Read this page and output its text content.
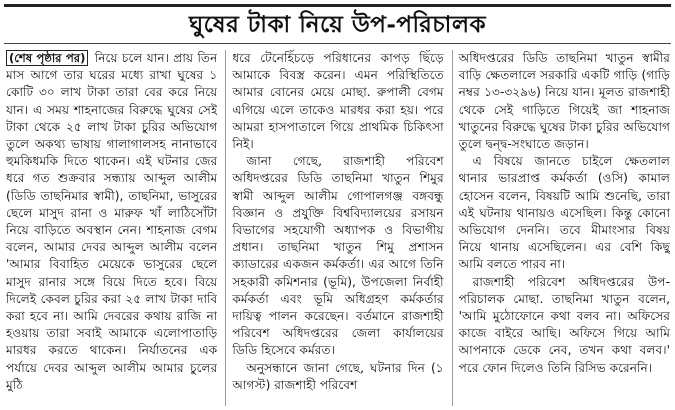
ঘুষের টাকা নিয়ে উপ-পরিচালক

(শেষ পৃষ্ঠার পর) নিয়ে চলে যান। প্রায় তিন মাস আগে তার ঘরের মধ্যে রাখা ঘুষের ১ কোটি ৩০ লাখ টাকা তারা বের করে নিয়ে যান। এ সময় শাহনাজের বিরুদ্ধে ঘুষের সেই টাকা থেকে ২৫ লাখ টাকা চুরির অভিযোগ তুলে অকথ্য ভাষায় গালাগালসহ নানাভাবে হুমকিধমকি দিতে থাকেন। এই ঘটনার জের ধরে গত শুক্রবার সন্ধ্যায় আব্দুল আলীম (ডিডি তাছনিমার স্বামী), তাছনিমা, ভাসুরের ছেলে মাসুদ রানা ও মারুফ খাঁ লাঠিসোঁটা নিয়ে বাড়িতে অবস্থান নেন। শাহনাজ বেগম বলেন, আমার দেবর আব্দুল আলীম বলেন 'আমার বিবাহিত মেয়েকে ভাসুরের ছেলে মাসুদ রানার সঙ্গে বিয়ে দিতে হবে। বিয়ে দিলেই কেবল চুরির করা ২৫ লাখ টাকা দাবি করা হবে না। আমি দেবরের কথায় রাজি না হওয়ায় তারা সবাই আমাকে এলোপাতাড়ি মারধর করতে থাকেন। নির্যাতনের এক পর্যায়ে দেবর আব্দুল আলীম আমার চুলের মুঠি

ধরে টেনেহিঁচড়ে পরিধানের কাপড় ছিঁড়ে আমাকে বিবস্ত্র করেন। এমন পরিস্থিতিতে আমার বোনের মেয়ে মোছা. রুপালী বেগম এগিয়ে এলে তাকেও মারধর করা হয়। পরে আমরা হাসপাতালে গিয়ে প্রাথমিক চিকিৎসা নিই।

জানা গেছে, রাজশাহী পরিবেশ অধিদপ্তরের ডিডি তাছনিমা খাতুন শিমুর স্বামী আব্দুল আলীম গোপালগঞ্জ বঙ্গবন্ধু বিজ্ঞান ও প্রযুক্তি বিশ্ববিদ্যালয়ের রসায়ন বিভাগের সহযোগী অধ্যাপক ও বিভাগীয় প্রধান। তাছনিমা খাতুন শিমু প্রশাসন ক্যাডারের একজন কর্মকর্তা। এর আগে তিনি সহকারী কমিশনার (ভূমি), উপজেলা নির্বাহী কর্মকর্তা এবং ভূমি অধিগ্রহণ কর্মকর্তার দায়িত্ব পালন করেছেন। বর্তমানে রাজশাহী পরিবেশ অধিদপ্তরের জেলা কার্যালয়ের ডিডি হিসেবে কর্মরত।

অনুসন্ধানে জানা গেছে, ঘটনার দিন (১ আগস্ট) রাজশাহী পরিবেশ

অধিদপ্তরের ডিডি তাছনিমা খাতুন স্বামীর বাড়ি ক্ষেতলালে সরকারি একটি গাড়ি (গাড়ি নম্বর ১৩-৩২৯৬) নিয়ে যান। মূলত রাজশাহী থেকে সেই গাড়িতে গিয়েই জা শাহনাজ খাতুনের বিরুদ্ধে ঘুষের টাকা চুরির অভিযোগ তুলে দ্বন্দ্ব-সংঘাতে জড়ান।

এ বিষয়ে জানতে চাইলে ক্ষেতলাল থানার ভারপ্রাপ্ত কর্মকর্তা (ওসি) কামাল হোসেন বলেন, বিষয়টি আমি শুনেছি, তারা এই ঘটনায় থানায়ও এসেছিল। কিন্তু কোনো অভিযোগ দেননি। তবে মীমাংসার বিষয় নিয়ে থানায় এসেছিলেন। এর বেশি কিছু আমি বলতে পারব না।

রাজশাহী পরিবেশ অধিদপ্তরের উপ-পরিচালক মোছা. তাছনিমা খাতুন বলেন, 'আমি মুঠোফোনে কথা বলব না। অফিসের কাজে বাইরে আছি। অফিসে গিয়ে আমি আপনাকে ডেকে নেব, তখন কথা বলব।' পরে ফোন দিলেও তিনি রিসিভ করেননি।
